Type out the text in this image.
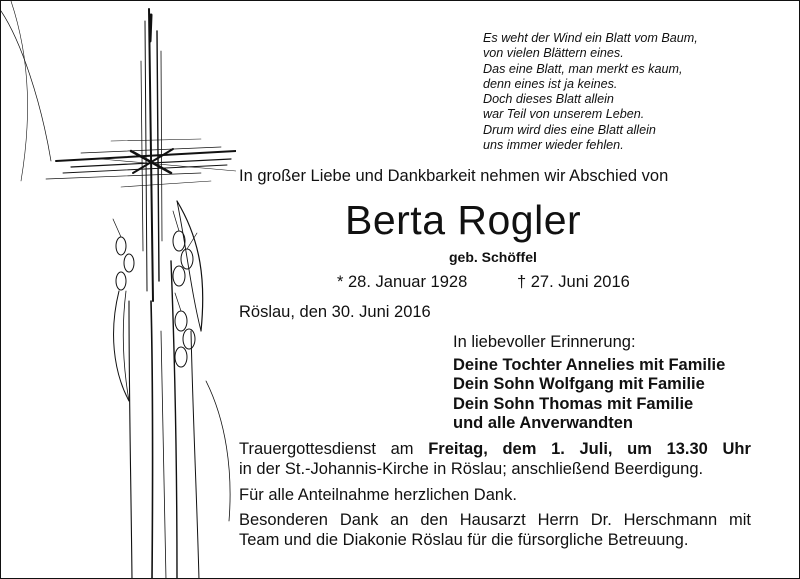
Es weht der Wind ein Blatt vom Baum,
von vielen Blättern eines.
Das eine Blatt, man merkt es kaum,
denn eines ist ja keines.
Doch dieses Blatt allein
war Teil von unserem Leben.
Drum wird dies eine Blatt allein
uns immer wieder fehlen.
In großer Liebe und Dankbarkeit nehmen wir Abschied von
Berta Rogler
geb. Schöffel
* 28. Januar 1928	† 27. Juni 2016
Röslau, den 30. Juni 2016
In liebevoller Erinnerung:
Deine Tochter Annelies mit Familie
Dein Sohn Wolfgang mit Familie
Dein Sohn Thomas mit Familie
und alle Anverwandten
Trauergottesdienst am Freitag, dem 1. Juli, um 13.30 Uhr
in der St.-Johannis-Kirche in Röslau; anschließend Beerdigung.
Für alle Anteilnahme herzlichen Dank.
Besonderen Dank an den Hausarzt Herrn Dr. Herschmann mit
Team und die Diakonie Röslau für die fürsorgliche Betreuung.
